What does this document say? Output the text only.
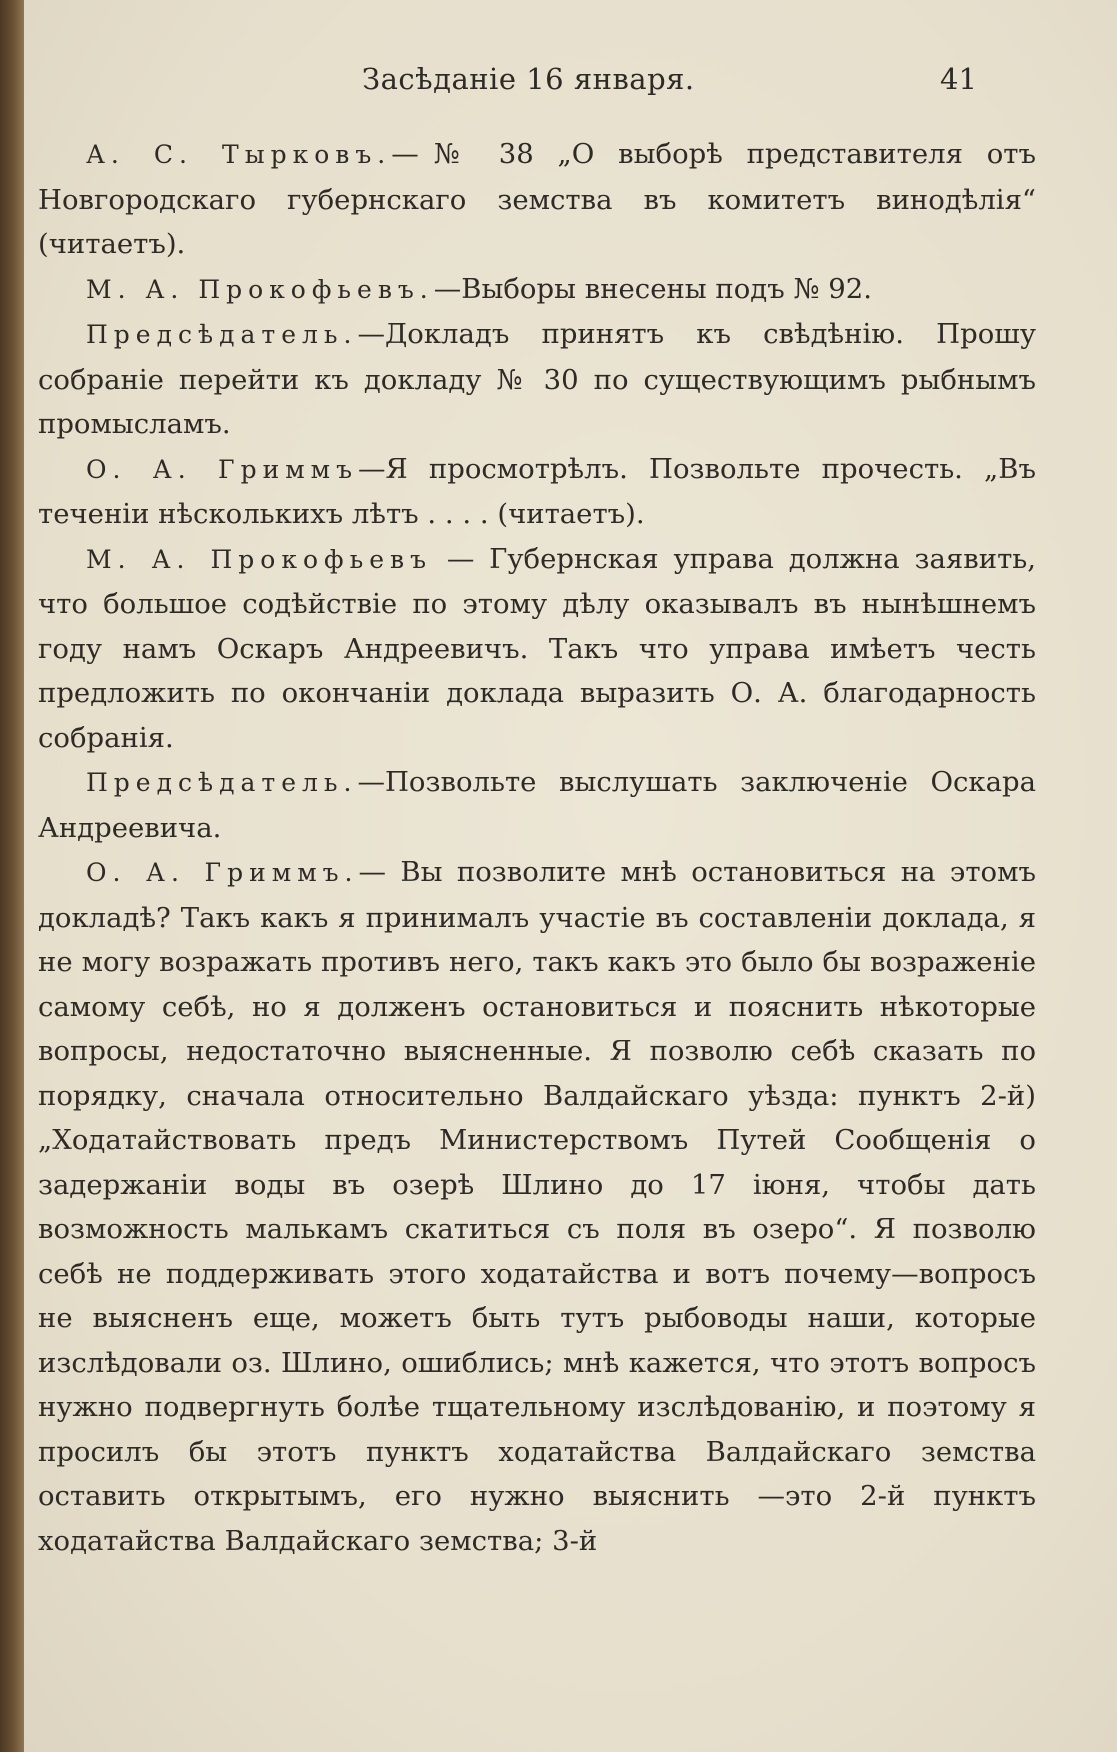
Засѣданіе 16 января.	41

А. С. Тырковъ.—№ 38 „О выборѣ представителя отъ Новгородскаго губернскаго земства въ комитетъ винодѣлія“ (читаетъ).

М. А. Прокофьевъ.—Выборы внесены подъ № 92.

Предсѣдатель.—Докладъ принятъ къ свѣдѣнію. Прошу собраніе перейти къ докладу № 30 по существующимъ рыбнымъ промысламъ.

О. А. Гриммъ—Я просмотрѣлъ. Позвольте прочесть. „Въ теченіи нѣсколькихъ лѣтъ . . . . (читаетъ).

М. А. Прокофьевъ — Губернская управа должна заявить, что большое содѣйствіе по этому дѣлу оказывалъ въ нынѣшнемъ году намъ Оскаръ Андреевичъ. Такъ что управа имѣетъ честь предложить по окончаніи доклада выразить О. А. благодарность собранія.

Предсѣдатель.—Позвольте выслушать заключеніе Оскара Андреевича.

О. А. Гриммъ.— Вы позволите мнѣ остановиться на этомъ докладѣ? Такъ какъ я принималъ участіе въ составленіи доклада, я не могу возражать противъ него, такъ какъ это было бы возраженіе самому себѣ, но я долженъ остановиться и пояснить нѣкоторые вопросы, недостаточно выясненные. Я позволю себѣ сказать по порядку, сначала относительно Валдайскаго уѣзда: пунктъ 2-й) „Ходатайствовать предъ Министерствомъ Путей Сообщенія о задержаніи воды въ озерѣ Шлино до 17 іюня, чтобы дать возможность малькамъ скатиться съ поля въ озеро“. Я позволю себѣ не поддерживать этого ходатайства и вотъ почему—вопросъ не выясненъ еще, можетъ быть тутъ рыбоводы наши, которые изслѣдовали оз. Шлино, ошиблись; мнѣ кажется, что этотъ вопросъ нужно подвергнуть болѣе тщательному изслѣдованію, и поэтому я просилъ бы этотъ пунктъ ходатайства Валдайскаго земства оставить открытымъ, его нужно выяснить —это 2-й пунктъ ходатайства Валдайскаго земства; 3-й
